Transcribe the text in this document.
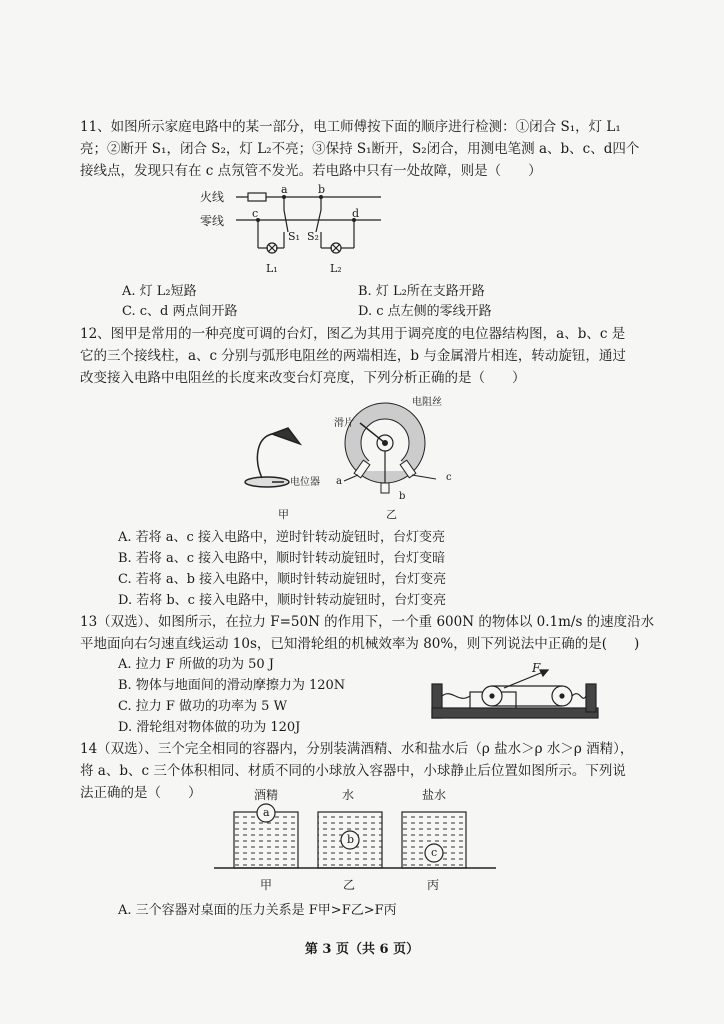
11、如图所示家庭电路中的某一部分，电工师傅按下面的顺序进行检测：①闭合 S₁，灯 L₁
亮；②断开 S₁，闭合 S₂，灯 L₂不亮；③保持 S₁断开，S₂闭合，用测电笔测 a、b、c、d四个
接线点，发现只有在 c 点氖管不发光。若电路中只有一处故障，则是（　　）
火线
零线
a	b
c	d
S₁ S₂
L₁	L₂
A. 灯 L₂短路	B. 灯 L₂所在支路开路
C. c、d 两点间开路	D. c 点左侧的零线开路
12、图甲是常用的一种亮度可调的台灯，图乙为其用于调亮度的电位器结构图，a、b、c 是
它的三个接线柱，a、c 分别与弧形电阻丝的两端相连，b 与金属滑片相连，转动旋钮，通过
改变接入电路中电阻丝的长度来改变台灯亮度，下列分析正确的是（　　）
电位器
电阻丝
滑片
a
b
c
甲	乙
A. 若将 a、c 接入电路中，逆时针转动旋钮时，台灯变亮
B. 若将 a、c 接入电路中，顺时针转动旋钮时，台灯变暗
C. 若将 a、b 接入电路中，顺时针转动旋钮时，台灯变亮
D. 若将 b、c 接入电路中，顺时针转动旋钮时，台灯变亮
13（双选）、如图所示，在拉力 F=50N 的作用下，一个重 600N 的物体以 0.1m/s 的速度沿水
平地面向右匀速直线运动 10s，已知滑轮组的机械效率为 80%，则下列说法中正确的是(　　)
A. 拉力 F 所做的功为 50 J
B. 物体与地面间的滑动摩擦力为 120N
C. 拉力 F 做功的功率为 5 W
D. 滑轮组对物体做的功为 120J
F
14（双选）、三个完全相同的容器内，分别装满酒精、水和盐水后（ρ 盐水＞ρ 水＞ρ 酒精），
将 a、b、c 三个体积相同、材质不同的小球放入容器中，小球静止后位置如图所示。下列说
法正确的是（　　）	酒精	水	盐水
a
b
c
甲	乙	丙
A. 三个容器对桌面的压力关系是 F甲>F乙>F丙
第 3 页（共 6 页）
